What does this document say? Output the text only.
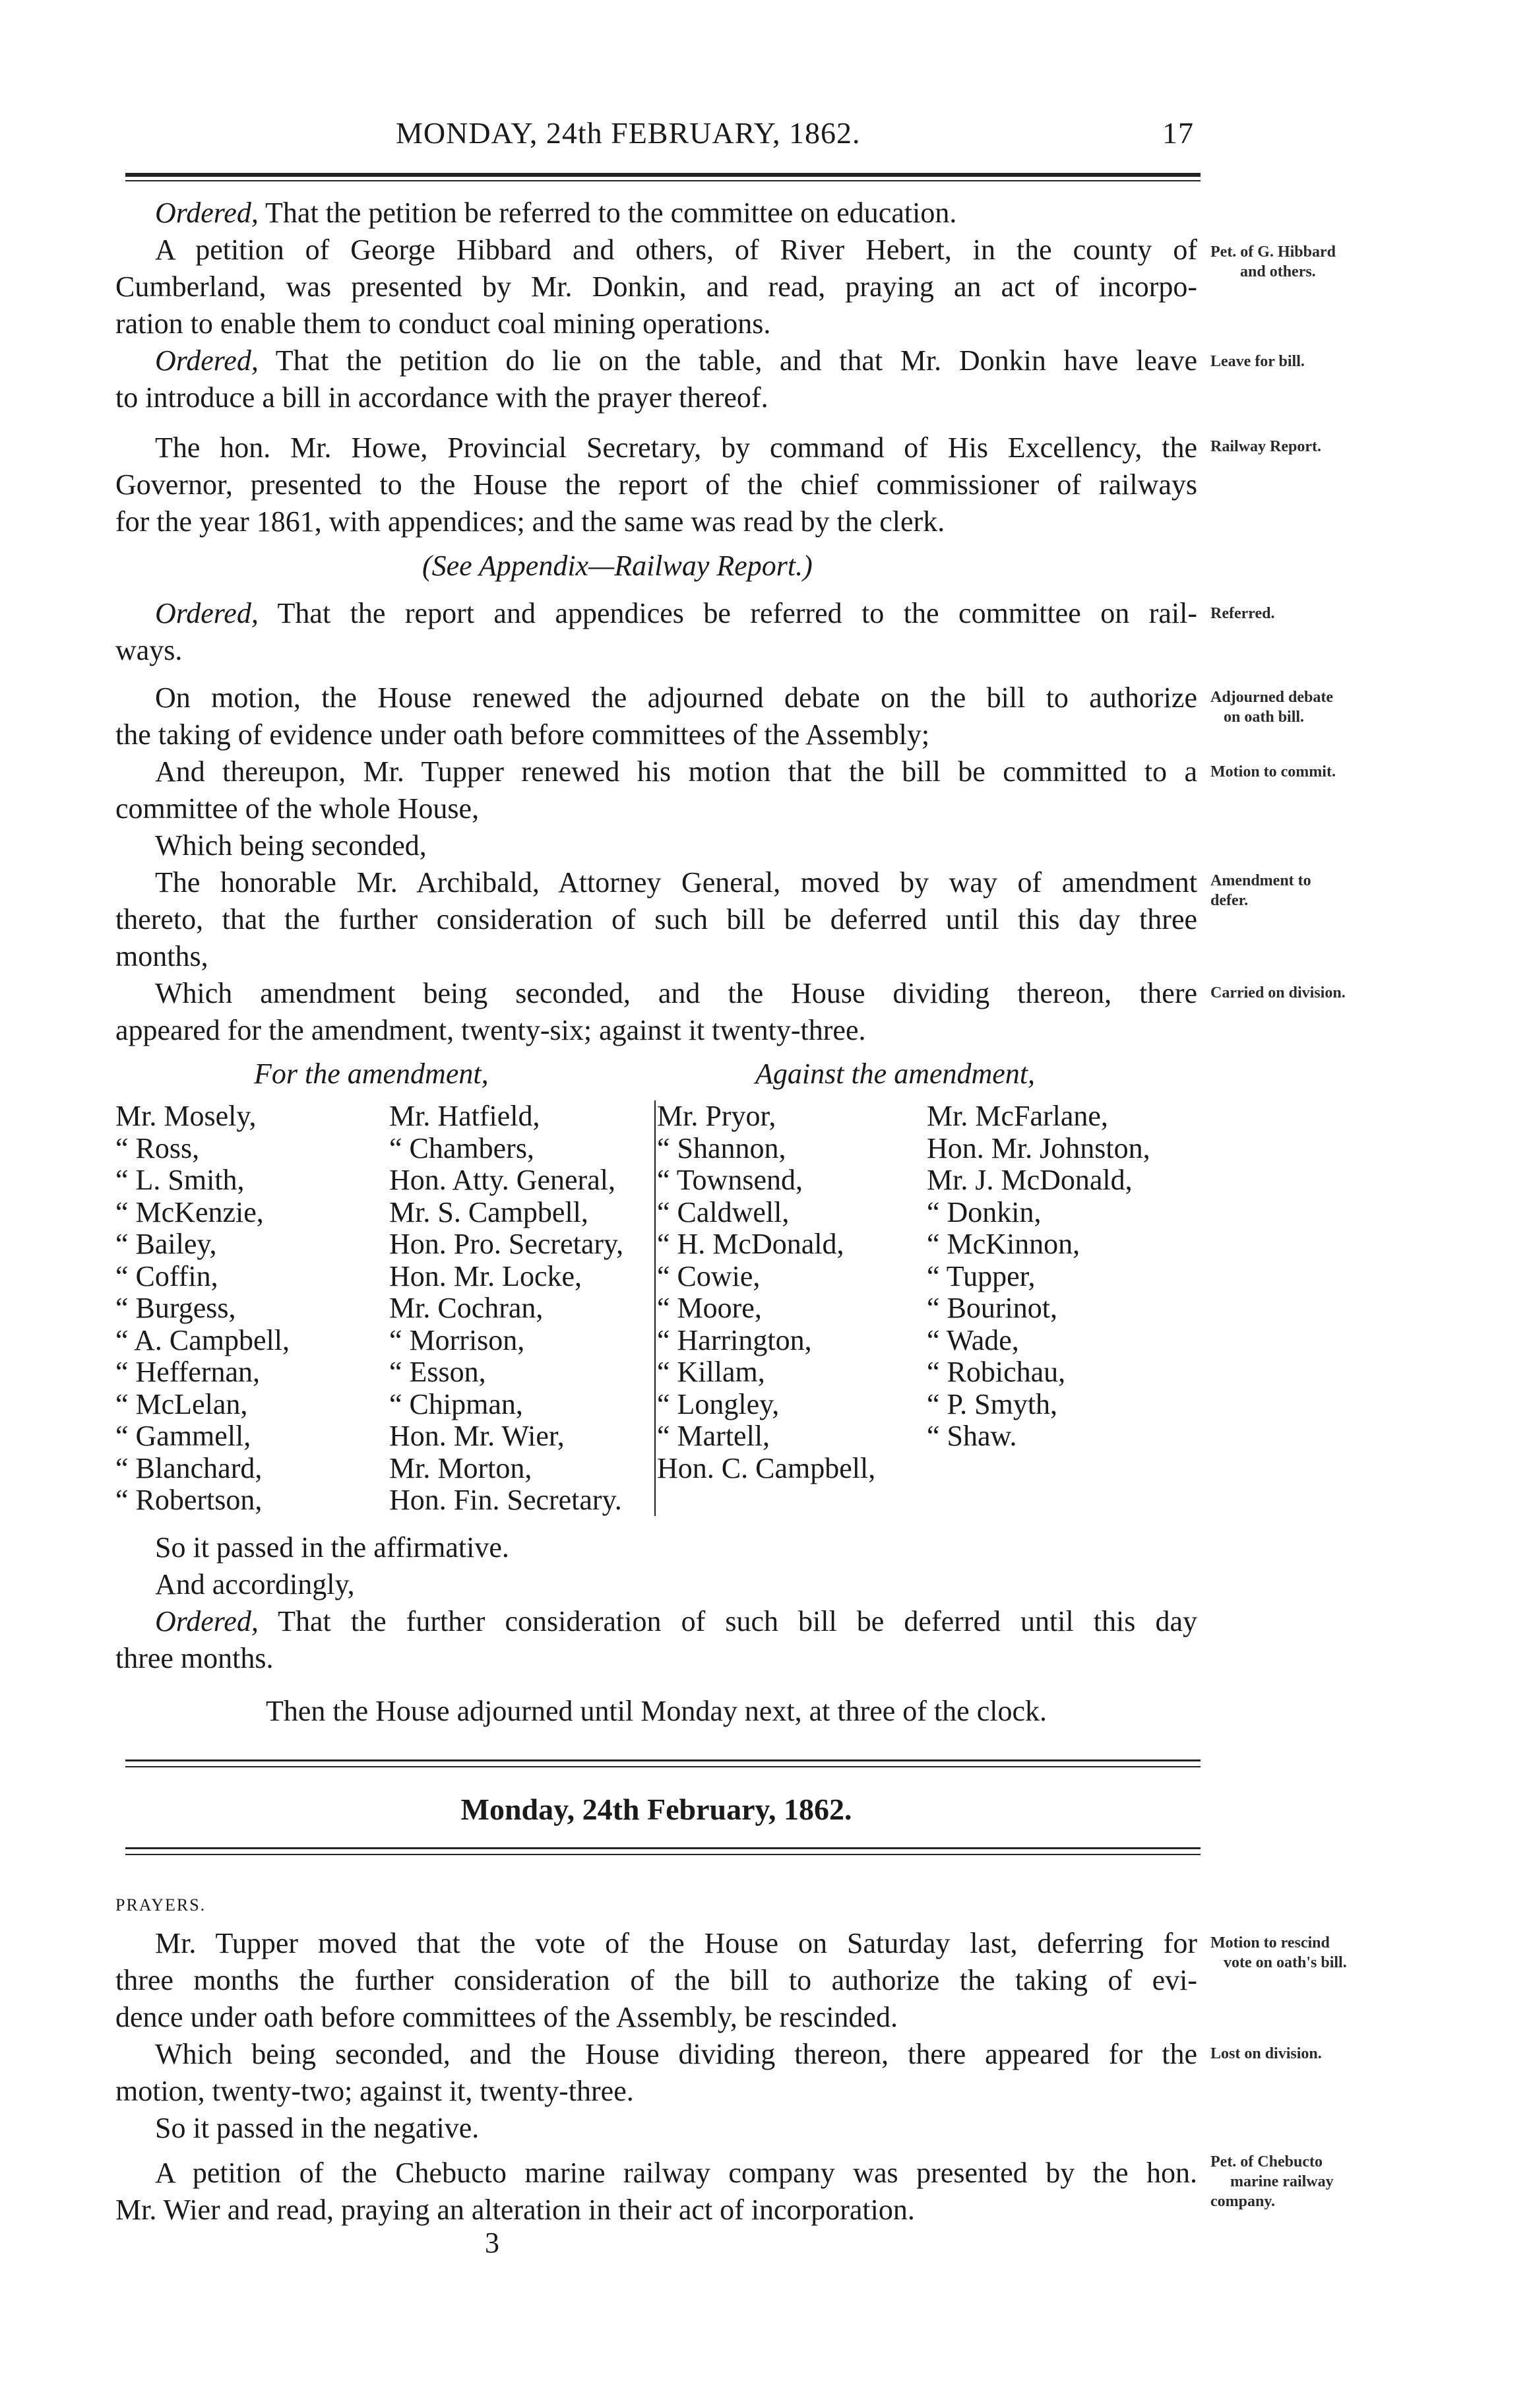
MONDAY, 24th FEBRUARY, 1862.	17
Ordered, That the petition be referred to the committee on education.
A petition of George Hibbard and others, of River Hebert, in the county of
Cumberland, was presented by Mr. Donkin, and read, praying an act of incorpo-
ration to enable them to conduct coal mining operations.
Ordered, That the petition do lie on the table, and that Mr. Donkin have leave
to introduce a bill in accordance with the prayer thereof.
The hon. Mr. Howe, Provincial Secretary, by command of His Excellency, the
Governor, presented to the House the report of the chief commissioner of railways
for the year 1861, with appendices; and the same was read by the clerk.
(See Appendix—Railway Report.)
Ordered, That the report and appendices be referred to the committee on rail-
ways.
On motion, the House renewed the adjourned debate on the bill to authorize
the taking of evidence under oath before committees of the Assembly;
And thereupon, Mr. Tupper renewed his motion that the bill be committed to a
committee of the whole House,
Which being seconded,
The honorable Mr. Archibald, Attorney General, moved by way of amendment
thereto, that the further consideration of such bill be deferred until this day three
months,
Which amendment being seconded, and the House dividing thereon, there
appeared for the amendment, twenty-six; against it twenty-three.
For the amendment,	Against the amendment,
Mr. Mosely,
“ Ross,
“ L. Smith,
“ McKenzie,
“ Bailey,
“ Coffin,
“ Burgess,
“ A. Campbell,
“ Heffernan,
“ McLelan,
“ Gammell,
“ Blanchard,
“ Robertson,
Mr. Hatfield,
“ Chambers,
Hon. Atty. General,
Mr. S. Campbell,
Hon. Pro. Secretary,
Hon. Mr. Locke,
Mr. Cochran,
“ Morrison,
“ Esson,
“ Chipman,
Hon. Mr. Wier,
Mr. Morton,
Hon. Fin. Secretary.
Mr. Pryor,
“ Shannon,
“ Townsend,
“ Caldwell,
“ H. McDonald,
“ Cowie,
“ Moore,
“ Harrington,
“ Killam,
“ Longley,
“ Martell,
Hon. C. Campbell,
Mr. McFarlane,
Hon. Mr. Johnston,
Mr. J. McDonald,
“ Donkin,
“ McKinnon,
“ Tupper,
“ Bourinot,
“ Wade,
“ Robichau,
“ P. Smyth,
“ Shaw.
So it passed in the affirmative.
And accordingly,
Ordered, That the further consideration of such bill be deferred until this day
three months.
Then the House adjourned until Monday next, at three of the clock.
Monday, 24th February, 1862.
PRAYERS.
Mr. Tupper moved that the vote of the House on Saturday last, deferring for
three months the further consideration of the bill to authorize the taking of evi-
dence under oath before committees of the Assembly, be rescinded.
Which being seconded, and the House dividing thereon, there appeared for the
motion, twenty-two; against it, twenty-three.
So it passed in the negative.
A petition of the Chebucto marine railway company was presented by the hon.
Mr. Wier and read, praying an alteration in their act of incorporation.
3
Pet. of G. Hibbard
and others.
Leave for bill.
Railway Report.
Referred.
Adjourned debate
on oath bill.
Motion to commit.
Amendment to
defer.
Carried on division.
Motion to rescind
vote on oath's bill.
Lost on division.
Pet. of Chebucto
marine railway
company.
